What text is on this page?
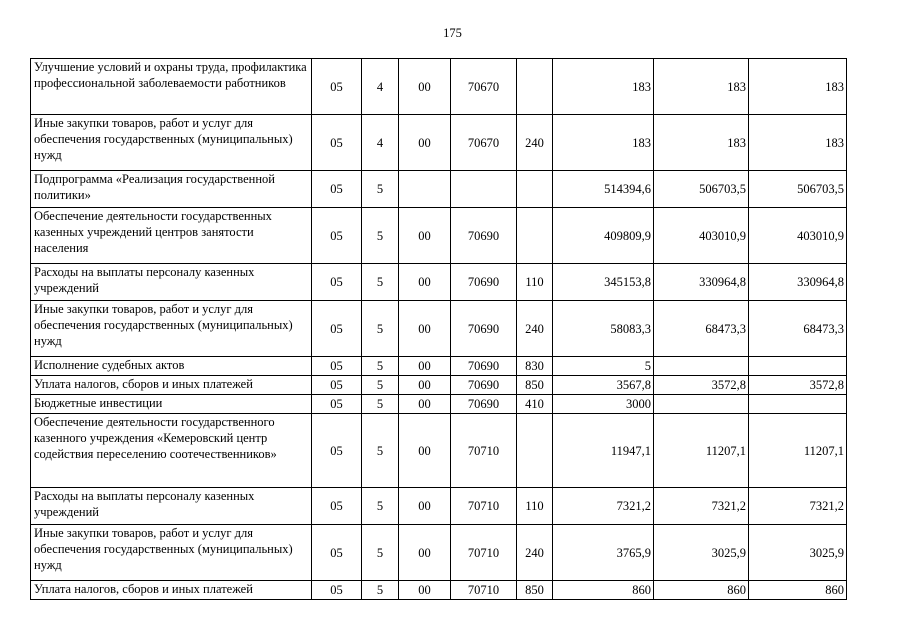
175
Улучшение условий и охраны труда, профилактика профессиональной заболеваемости работников	05	4	00	70670		183	183	183
Иные закупки товаров, работ и услуг для обеспечения государственных (муниципальных) нужд	05	4	00	70670	240	183	183	183
Подпрограмма «Реализация государственной политики»	05	5				514394,6	506703,5	506703,5
Обеспечение деятельности государственных казенных учреждений центров занятости населения	05	5	00	70690		409809,9	403010,9	403010,9
Расходы на выплаты персоналу казенных учреждений	05	5	00	70690	110	345153,8	330964,8	330964,8
Иные закупки товаров, работ и услуг для обеспечения государственных (муниципальных) нужд	05	5	00	70690	240	58083,3	68473,3	68473,3
Исполнение судебных актов	05	5	00	70690	830	5		
Уплата налогов, сборов и иных платежей	05	5	00	70690	850	3567,8	3572,8	3572,8
Бюджетные инвестиции	05	5	00	70690	410	3000		
Обеспечение деятельности государственного казенного учреждения «Кемеровский центр содействия переселению соотечественников»	05	5	00	70710		11947,1	11207,1	11207,1
Расходы на выплаты персоналу казенных учреждений	05	5	00	70710	110	7321,2	7321,2	7321,2
Иные закупки товаров, работ и услуг для обеспечения государственных (муниципальных) нужд	05	5	00	70710	240	3765,9	3025,9	3025,9
Уплата налогов, сборов и иных платежей	05	5	00	70710	850	860	860	860
